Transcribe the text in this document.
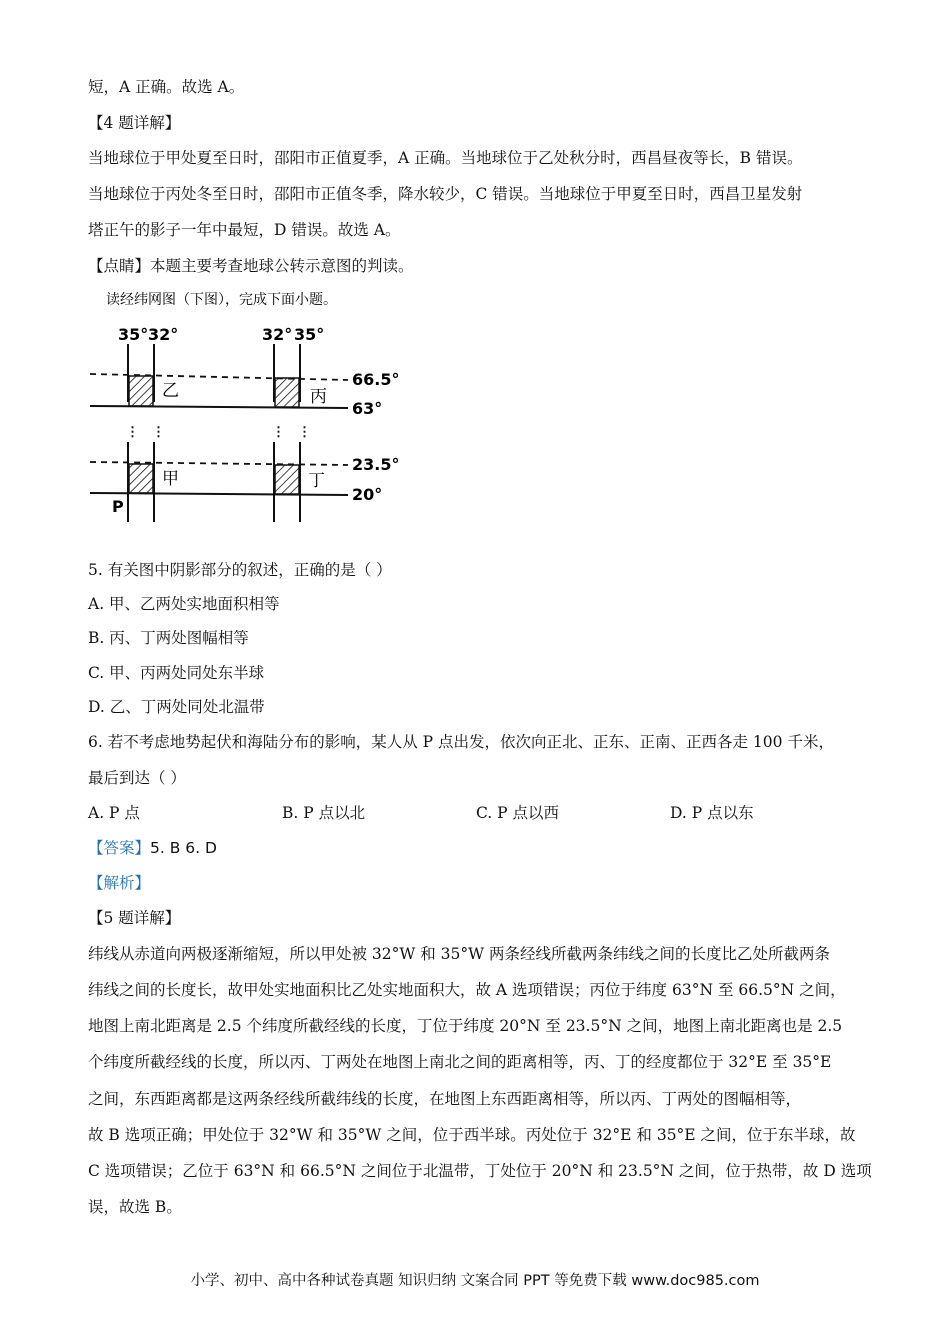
短，A 正确。故选 A。
【4 题详解】
当地球位于甲处夏至日时，邵阳市正值夏季，A 正确。当地球位于乙处秋分时，西昌昼夜等长，B 错误。
当地球位于丙处冬至日时，邵阳市正值冬季，降水较少，C 错误。当地球位于甲夏至日时，西昌卫星发射
塔正午的影子一年中最短，D 错误。故选 A。
【点睛】本题主要考查地球公转示意图的判读。
读经纬网图（下图），完成下面小题。
35° 32°	32° 35°
⋮ ⋮	⋮ ⋮
乙	丙
甲	丁
66.5°
63°
23.5°
20°
P
5. 有关图中阴影部分的叙述，正确的是（ ）
A. 甲、乙两处实地面积相等
B. 丙、丁两处图幅相等
C. 甲、丙两处同处东半球
D. 乙、丁两处同处北温带
6. 若不考虑地势起伏和海陆分布的影响，某人从 P 点出发，依次向正北、正东、正南、正西各走 100 千米，
最后到达（ ）
A. P 点	B. P 点以北	C. P 点以西	D. P 点以东
【答案】5. B 6. D
【解析】
【5 题详解】
纬线从赤道向两极逐渐缩短，所以甲处被 32°W 和 35°W 两条经线所截两条纬线之间的长度比乙处所截两条
纬线之间的长度长，故甲处实地面积比乙处实地面积大，故 A 选项错误；丙位于纬度 63°N 至 66.5°N 之间，
地图上南北距离是 2.5 个纬度所截经线的长度，丁位于纬度 20°N 至 23.5°N 之间，地图上南北距离也是 2.5
个纬度所截经线的长度，所以丙、丁两处在地图上南北之间的距离相等，丙、丁的经度都位于 32°E 至 35°E
之间，东西距离都是这两条经线所截纬线的长度，在地图上东西距离相等，所以丙、丁两处的图幅相等，
故 B 选项正确；甲处位于 32°W 和 35°W 之间，位于西半球。丙处位于 32°E 和 35°E 之间，位于东半球，故
C 选项错误；乙位于 63°N 和 66.5°N 之间位于北温带，丁处位于 20°N 和 23.5°N 之间，位于热带，故 D 选项
误，故选 B。
小学、初中、高中各种试卷真题 知识归纳 文案合同 PPT 等免费下载 www.doc985.com
